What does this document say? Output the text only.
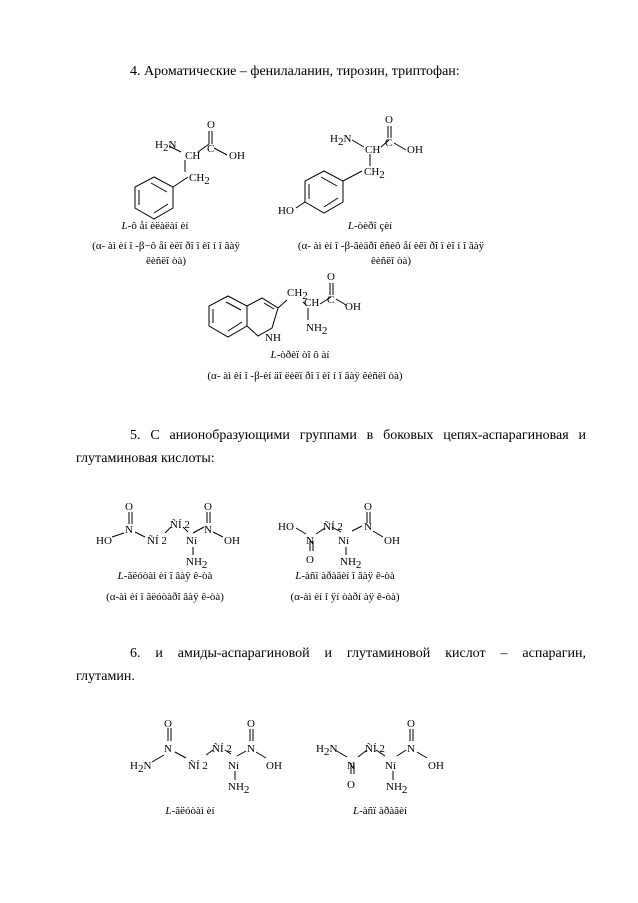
4. Ароматические – фенилаланин, тирозин, триптофан:

O
C
H2N
CH	OH
CH2
O
C
H2N
CH OH
CH2
HO
CH2
CH
O
C
OH
NH2
NH
O
N
HO	ÑÍ 2
ÑÍ 2
O
N
OH
Ní
NH2
HO
N
O
ÑÍ 2
Ní
O
N
OH
NH2
O
N
H2N	ÑÍ 2
ÑÍ 2
O
N
OH
Ní
NH2
H2N
N
O
ÑÍ 2
Ní
O
N
OH
NH2
L-ô åí èëàëàí èí
(α- àì èí î -β−ô åí èëï ðî ï èî í î âàÿ
êèñëî òà)
L-òèðî çèí
(α- àì èí î -β-ãèäðî êñèô åí èëï ðî ï èî í î âàÿ
êèñëî òà)
L-òðèï òî ô àí
(α- àì èí î -β-èí äî ëèëï ðî ï èî í î âàÿ êèñëî òà)

5. С анионобразующими группами в боковых цепях-аспарагиновая и

глутаминовая кислоты:

L-ãëóòàì èí î âàÿ ê-òà
(α-àì èí î ãëóòàðî âàÿ ê-òà)
L-àñï àðàãèí î âàÿ ê-òà
(α-àì èí î ÿí òàðí àÿ ê-òà)

6. и амиды-аспарагиновой и глутаминовой кислот – аспарагин,

глутамин.

L-ãëóòàì èí	L-àñï àðàãèí
